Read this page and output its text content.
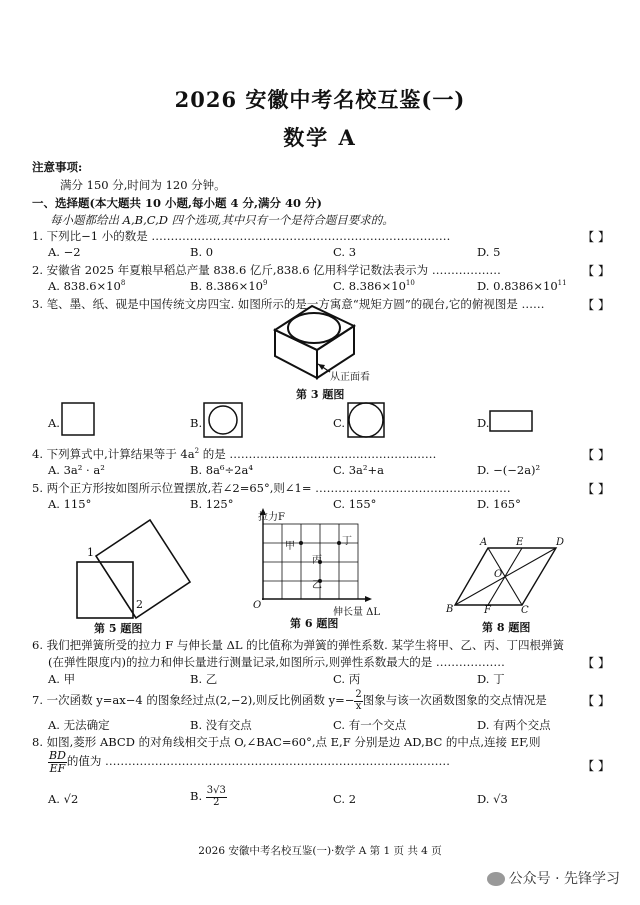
2026 安徽中考名校互鉴(一)
数学 A
注意事项:
满分 150 分,时间为 120 分钟。
一、选择题(本大题共 10 小题,每小题 4 分,满分 40 分)
每小题都给出 A,B,C,D 四个选项,其中只有一个是符合题目要求的。
1. 下列比−1 小的数是 ……………………………………………………………………	【 】
A. −2	B. 0	C. 3	D. 5
2. 安徽省 2025 年夏粮早稻总产量 838.6 亿斤,838.6 亿用科学记数法表示为 ………………	【 】
A. $838.6\times 10^8$	B. $8.386\times 10^9$	C. $8.386\times 10^{10}$	D. $0.8386\times 10^{11}$
3. 笔、墨、纸、砚是中国传统文房四宝. 如图所示的是一方寓意“规矩方圆”的砚台,它的俯视图是 ……	【 】
从正面看
第 3 题图
A.	B.	C.	D.
4. 下列算式中,计算结果等于 $4a^2$ 的是 ………………………………………………	【 】
A. 3a² · a²	B. 8a⁶÷2a⁴	C. 3a²+a	D. −(−2a)²
5. 两个正方形按如图所示位置摆放,若∠2=65°,则∠1= ……………………………………………	【 】
A. 115°	B. 125°	C. 155°	D. 165°
1
2
第 5 题图
拉力F
伸长量 ΔL
O
甲	丁
丙
乙
第 6 题图
A	E	D
O
B	F	C
第 8 题图
6. 我们把弹簧所受的拉力 F 与伸长量 ΔL 的比值称为弹簧的弹性系数. 某学生将甲、乙、丙、丁四根弹簧
(在弹性限度内)的拉力和伸长量进行测量记录,如图所示,则弹性系数最大的是 ………………	【 】
A. 甲	B. 乙	C. 丙	D. 丁
7. 一次函数 y=ax−4 的图象经过点(2,−2),则反比例函数 $y=- \frac{2}{x}$ 图象与该一次函数图象的交点情况是	【 】
A. 无法确定	B. 没有交点	C. 有一个交点	D. 有两个交点
8. 如图,菱形 ABCD 的对角线相交于点 O,∠BAC=60°,点 E,F 分别是边 AD,BC 的中点,连接 EF,则
$\frac{BD}{EF}$ 的值为 ………………………………………………………………………………	【 】
A. √2	B. $\frac{3√3}{2}$	C. 2	D. √3
2026 安徽中考名校互鉴(一)·数学 A 第 1 页 共 4 页
公众号 · 先锋学习
